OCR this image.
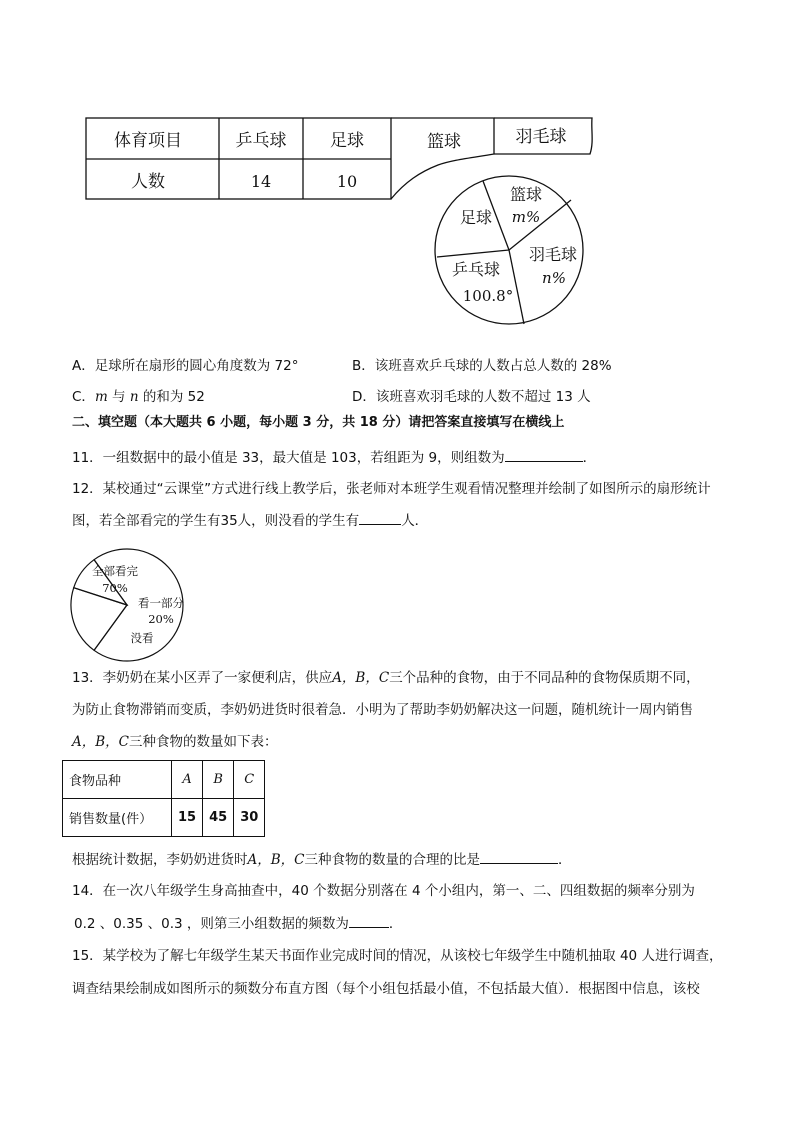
体育项目	乒乓球	足球	篮球	羽毛球
人数	14	10
篮球
m%
足球
羽毛球
n%
乒乓球
100.8°
A．足球所在扇形的圆心角度数为 72°	B．该班喜欢乒乓球的人数占总人数的 28%
C．m 与 n 的和为 52	D．该班喜欢羽毛球的人数不超过 13 人
二、填空题（本大题共 6 小题，每小题 3 分，共 18 分）请把答案直接填写在横线上
11．一组数据中的最小值是 33，最大值是 103，若组距为 9，则组数为	．
12．某校通过“云课堂”方式进行线上教学后，张老师对本班学生观看情况整理并绘制了如图所示的扇形统计
图，若全部看完的学生有35人，则没看的学生有	人．
全部看完
70%
看一部分
20%
没看
13．李奶奶在某小区弄了一家便利店，供应A，B，C三个品种的食物，由于不同品种的食物保质期不同，
为防止食物滞销而变质，李奶奶进货时很着急．小明为了帮助李奶奶解决这一问题，随机统计一周内销售
A，B，C三种食物的数量如下表：
食物品种	A	B	C
销售数量(件）	15	45	30
根据统计数据，李奶奶进货时A，B，C三种食物的数量的合理的比是	．
14．在一次八年级学生身高抽查中，40 个数据分别落在 4 个小组内，第一、二、四组数据的频率分别为
0.2 、0.35 、0.3 ，则第三小组数据的频数为	．
15．某学校为了解七年级学生某天书面作业完成时间的情况，从该校七年级学生中随机抽取 40 人进行调查，
调查结果绘制成如图所示的频数分布直方图（每个小组包括最小值，不包括最大值）．根据图中信息，该校
